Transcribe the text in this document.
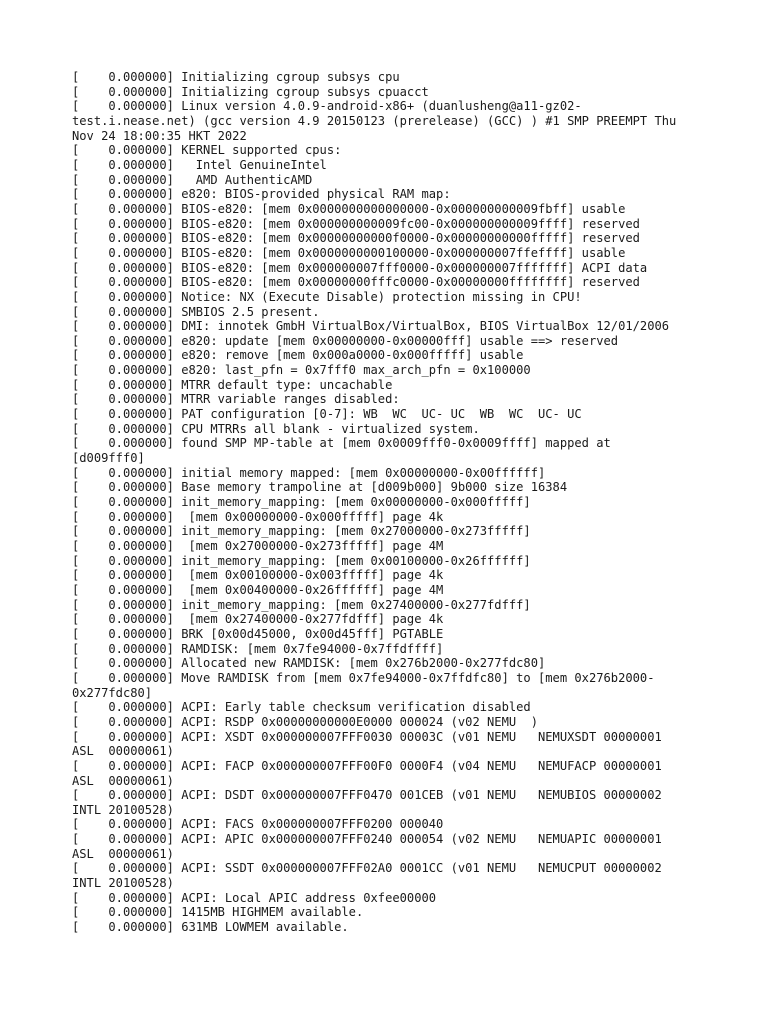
[    0.000000] Initializing cgroup subsys cpu
[    0.000000] Initializing cgroup subsys cpuacct
[    0.000000] Linux version 4.0.9-android-x86+ (duanlusheng@a11-gz02-
test.i.nease.net) (gcc version 4.9 20150123 (prerelease) (GCC) ) #1 SMP PREEMPT Thu
Nov 24 18:00:35 HKT 2022
[    0.000000] KERNEL supported cpus:
[    0.000000]   Intel GenuineIntel
[    0.000000]   AMD AuthenticAMD
[    0.000000] e820: BIOS-provided physical RAM map:
[    0.000000] BIOS-e820: [mem 0x0000000000000000-0x000000000009fbff] usable
[    0.000000] BIOS-e820: [mem 0x000000000009fc00-0x000000000009ffff] reserved
[    0.000000] BIOS-e820: [mem 0x00000000000f0000-0x00000000000fffff] reserved
[    0.000000] BIOS-e820: [mem 0x0000000000100000-0x000000007ffeffff] usable
[    0.000000] BIOS-e820: [mem 0x000000007fff0000-0x000000007fffffff] ACPI data
[    0.000000] BIOS-e820: [mem 0x00000000fffc0000-0x00000000ffffffff] reserved
[    0.000000] Notice: NX (Execute Disable) protection missing in CPU!
[    0.000000] SMBIOS 2.5 present.
[    0.000000] DMI: innotek GmbH VirtualBox/VirtualBox, BIOS VirtualBox 12/01/2006
[    0.000000] e820: update [mem 0x00000000-0x00000fff] usable ==> reserved
[    0.000000] e820: remove [mem 0x000a0000-0x000fffff] usable
[    0.000000] e820: last_pfn = 0x7fff0 max_arch_pfn = 0x100000
[    0.000000] MTRR default type: uncachable
[    0.000000] MTRR variable ranges disabled:
[    0.000000] PAT configuration [0-7]: WB  WC  UC- UC  WB  WC  UC- UC
[    0.000000] CPU MTRRs all blank - virtualized system.
[    0.000000] found SMP MP-table at [mem 0x0009fff0-0x0009ffff] mapped at
[d009fff0]
[    0.000000] initial memory mapped: [mem 0x00000000-0x00ffffff]
[    0.000000] Base memory trampoline at [d009b000] 9b000 size 16384
[    0.000000] init_memory_mapping: [mem 0x00000000-0x000fffff]
[    0.000000]  [mem 0x00000000-0x000fffff] page 4k
[    0.000000] init_memory_mapping: [mem 0x27000000-0x273fffff]
[    0.000000]  [mem 0x27000000-0x273fffff] page 4M
[    0.000000] init_memory_mapping: [mem 0x00100000-0x26ffffff]
[    0.000000]  [mem 0x00100000-0x003fffff] page 4k
[    0.000000]  [mem 0x00400000-0x26ffffff] page 4M
[    0.000000] init_memory_mapping: [mem 0x27400000-0x277fdfff]
[    0.000000]  [mem 0x27400000-0x277fdfff] page 4k
[    0.000000] BRK [0x00d45000, 0x00d45fff] PGTABLE
[    0.000000] RAMDISK: [mem 0x7fe94000-0x7ffdffff]
[    0.000000] Allocated new RAMDISK: [mem 0x276b2000-0x277fdc80]
[    0.000000] Move RAMDISK from [mem 0x7fe94000-0x7ffdfc80] to [mem 0x276b2000-
0x277fdc80]
[    0.000000] ACPI: Early table checksum verification disabled
[    0.000000] ACPI: RSDP 0x00000000000E0000 000024 (v02 NEMU  )
[    0.000000] ACPI: XSDT 0x000000007FFF0030 00003C (v01 NEMU   NEMUXSDT 00000001
ASL  00000061)
[    0.000000] ACPI: FACP 0x000000007FFF00F0 0000F4 (v04 NEMU   NEMUFACP 00000001
ASL  00000061)
[    0.000000] ACPI: DSDT 0x000000007FFF0470 001CEB (v01 NEMU   NEMUBIOS 00000002
INTL 20100528)
[    0.000000] ACPI: FACS 0x000000007FFF0200 000040
[    0.000000] ACPI: APIC 0x000000007FFF0240 000054 (v02 NEMU   NEMUAPIC 00000001
ASL  00000061)
[    0.000000] ACPI: SSDT 0x000000007FFF02A0 0001CC (v01 NEMU   NEMUCPUT 00000002
INTL 20100528)
[    0.000000] ACPI: Local APIC address 0xfee00000
[    0.000000] 1415MB HIGHMEM available.
[    0.000000] 631MB LOWMEM available.
